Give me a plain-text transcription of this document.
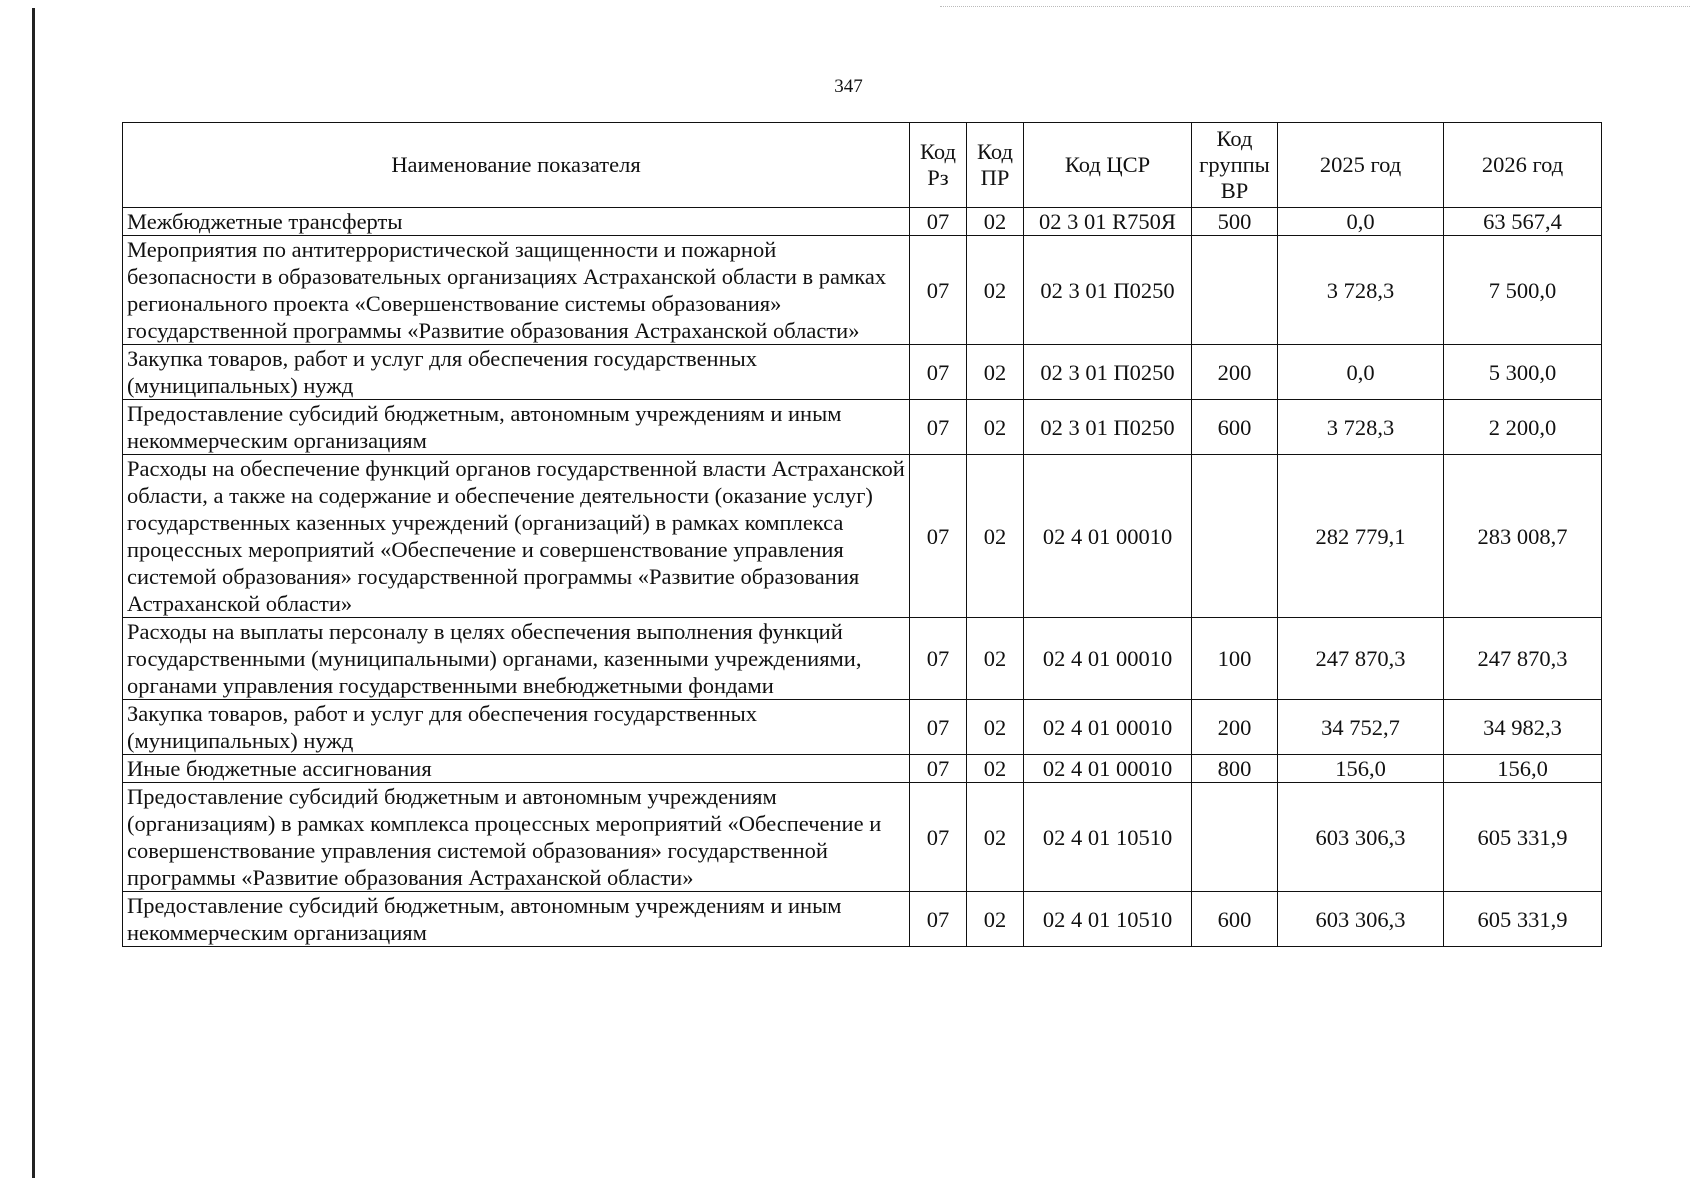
347
Наименование показателя	Код Рз	Код ПР	Код ЦСР	Код группы ВР	2025 год	2026 год
Межбюджетные трансферты	07	02	02 3 01 R750Я	500	0,0	63 567,4
Мероприятия по антитеррористической защищенности и пожарной безопасности в образовательных организациях Астраханской области в рамках регионального проекта «Совершенствование системы образования» государственной программы «Развитие образования Астраханской области»	07	02	02 3 01 П0250		3 728,3	7 500,0
Закупка товаров, работ и услуг для обеспечения государственных (муниципальных) нужд	07	02	02 3 01 П0250	200	0,0	5 300,0
Предоставление субсидий бюджетным, автономным учреждениям и иным некоммерческим организациям	07	02	02 3 01 П0250	600	3 728,3	2 200,0
Расходы на обеспечение функций органов государственной власти Астраханской области, а также на содержание и обеспечение деятельности (оказание услуг) государственных казенных учреждений (организаций) в рамках комплекса процессных мероприятий «Обеспечение и совершенствование управления системой образования» государственной программы «Развитие образования Астраханской области»	07	02	02 4 01 00010		282 779,1	283 008,7
Расходы на выплаты персоналу в целях обеспечения выполнения функций государственными (муниципальными) органами, казенными учреждениями, органами управления государственными внебюджетными фондами	07	02	02 4 01 00010	100	247 870,3	247 870,3
Закупка товаров, работ и услуг для обеспечения государственных (муниципальных) нужд	07	02	02 4 01 00010	200	34 752,7	34 982,3
Иные бюджетные ассигнования	07	02	02 4 01 00010	800	156,0	156,0
Предоставление субсидий бюджетным и автономным учреждениям (организациям) в рамках комплекса процессных мероприятий «Обеспечение и совершенствование управления системой образования» государственной программы «Развитие образования Астраханской области»	07	02	02 4 01 10510		603 306,3	605 331,9
Предоставление субсидий бюджетным, автономным учреждениям и иным некоммерческим организациям	07	02	02 4 01 10510	600	603 306,3	605 331,9
